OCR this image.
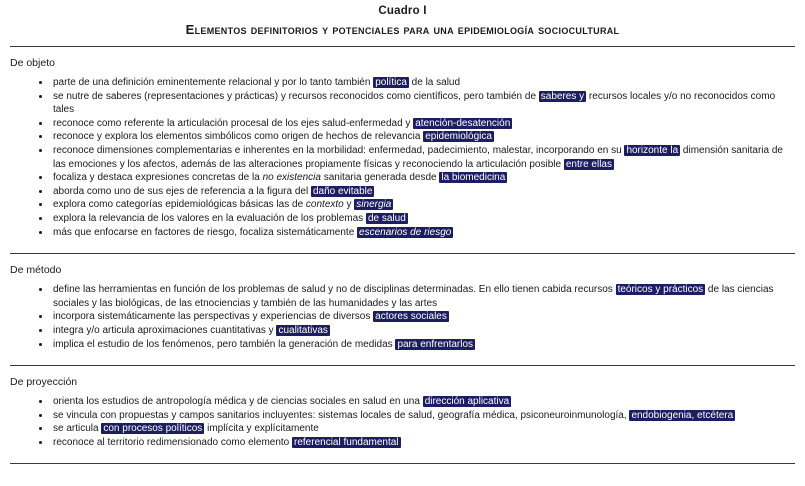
Cuadro I
Elementos definitorios y potenciales para una epidemiología sociocultural
De objeto
• parte de una definición eminentemente relacional y por lo tanto también política de la salud
• se nutre de saberes (representaciones y prácticas) y recursos reconocidos como científicos, pero también de saberes y recursos locales y/o no reconocidos como tales
• reconoce como referente la articulación procesal de los ejes salud-enfermedad y atención-desatención
• reconoce y explora los elementos simbólicos como origen de hechos de relevancia epidemiológica
• reconoce dimensiones complementarias e inherentes en la morbilidad: enfermedad, padecimiento, malestar, incorporando en su horizonte la dimensión sanitaria de las emociones y los afectos, además de las alteraciones propiamente físicas y reconociendo la articulación posible entre ellas
• focaliza y destaca expresiones concretas de la no existencia sanitaria generada desde la biomedicina
• aborda como uno de sus ejes de referencia a la figura del daño evitable
• explora como categorías epidemiológicas básicas las de contexto y sinergia
• explora la relevancia de los valores en la evaluación de los problemas de salud
• más que enfocarse en factores de riesgo, focaliza sistemáticamente escenarios de riesgo
De método
• define las herramientas en función de los problemas de salud y no de disciplinas determinadas. En ello tienen cabida recursos teóricos y prácticos de las ciencias sociales y las biológicas, de las etnociencias y también de las humanidades y las artes
• incorpora sistemáticamente las perspectivas y experiencias de diversos actores sociales
• integra y/o articula aproximaciones cuantitativas y cualitativas
• implica el estudio de los fenómenos, pero también la generación de medidas para enfrentarlos
De proyección
• orienta los estudios de antropología médica y de ciencias sociales en salud en una dirección aplicativa
• se vincula con propuestas y campos sanitarios incluyentes: sistemas locales de salud, geografía médica, psiconeuroinmunología, endobiogenia, etcétera
• se articula con procesos políticos implícita y explícitamente
• reconoce al territorio redimensionado como elemento referencial fundamental
